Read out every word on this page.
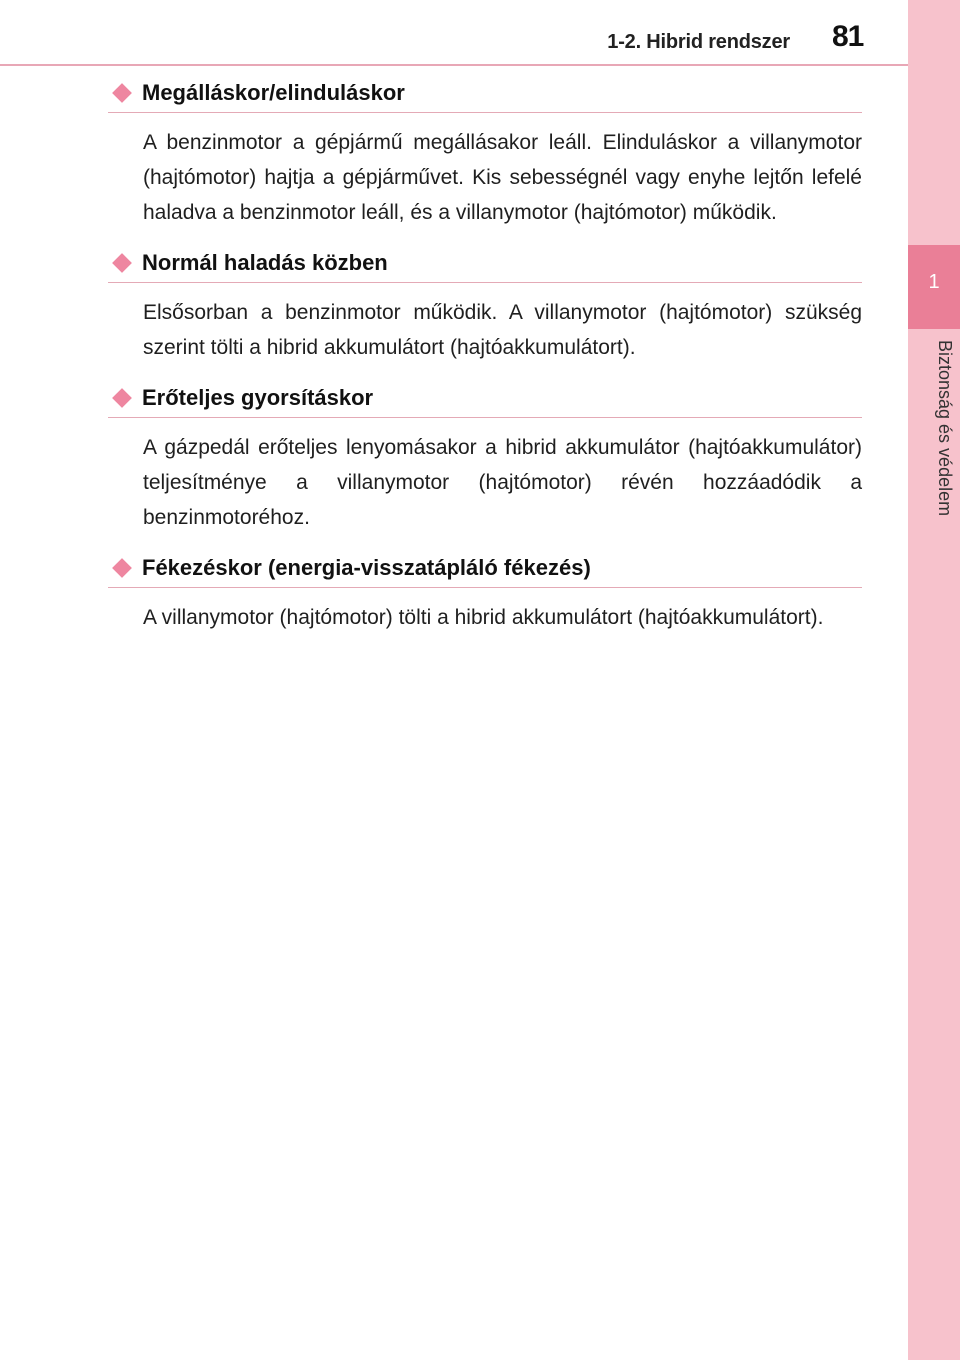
1-2. Hibrid rendszer 81
1
Biztonság és védelem
Megálláskor/elinduláskor

A benzinmotor a gépjármű megállásakor leáll. Elinduláskor a villanymotor (hajtómotor) hajtja a gépjárművet. Kis sebességnél vagy enyhe lejtőn lefelé haladva a benzinmotor leáll, és a villanymotor (hajtómotor) működik.

Normál haladás közben

Elsősorban a benzinmotor működik. A villanymotor (hajtómotor) szükség szerint tölti a hibrid akkumulátort (hajtóakkumulátort).

Erőteljes gyorsításkor

A gázpedál erőteljes lenyomásakor a hibrid akkumulátor (hajtóakkumulátor) teljesítménye a villanymotor (hajtómotor) révén hozzáadódik a benzinmotoréhoz.

Fékezéskor (energia-visszatápláló fékezés)

A villanymotor (hajtómotor) tölti a hibrid akkumulátort (hajtóakkumulátort).
